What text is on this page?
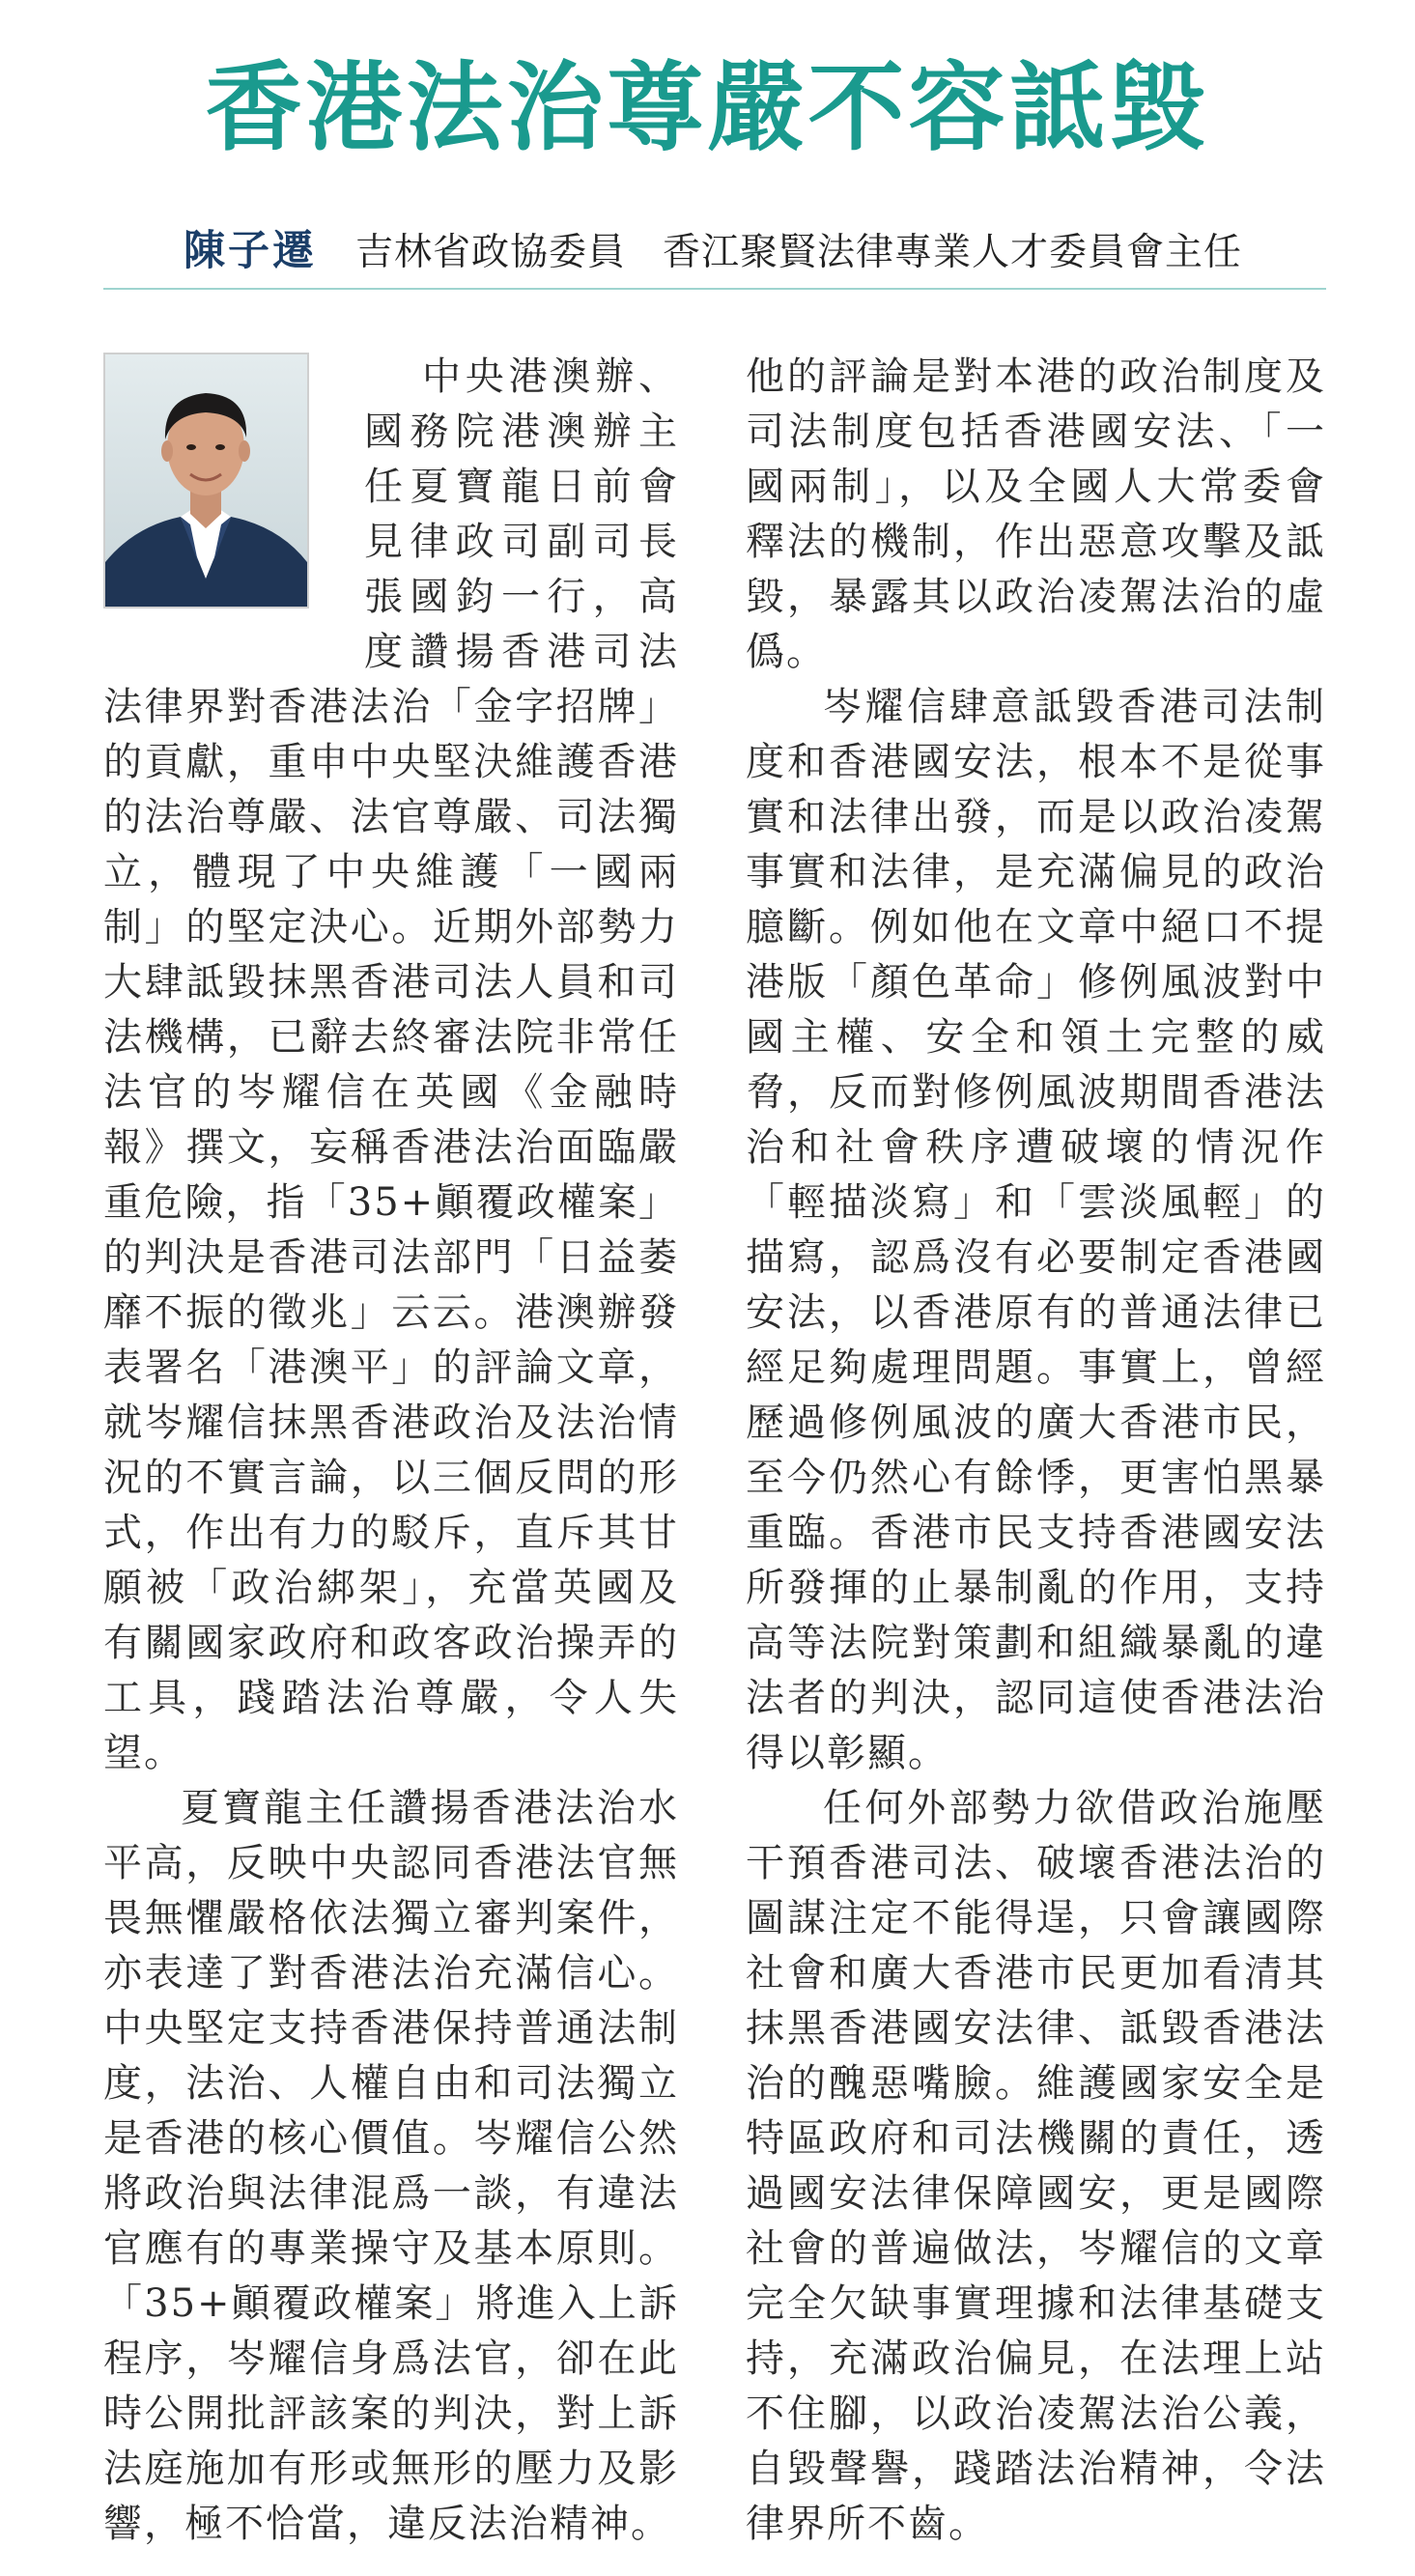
香港法治尊嚴不容詆毀
陳子遷 吉林省政協委員 香江聚賢法律專業人才委員會主任

中央港澳辦、國務院港澳辦主任夏寶龍日前會見律政司副司長張國鈞一行，高度讚揚香港司法法律界對香港法治「金字招牌」的貢獻，重申中央堅決維護香港的法治尊嚴、法官尊嚴、司法獨立，體現了中央維護「一國兩制」的堅定決心。近期外部勢力大肆詆毀抹黑香港司法人員和司法機構，已辭去終審法院非常任法官的岑耀信在英國《金融時報》撰文，妄稱香港法治面臨嚴重危險，指「35+顚覆政權案」的判決是香港司法部門「日益萎靡不振的徵兆」云云。港澳辦發表署名「港澳平」的評論文章，就岑耀信抹黑香港政治及法治情況的不實言論，以三個反問的形式，作出有力的駁斥，直斥其甘願被「政治綁架」，充當英國及有關國家政府和政客政治操弄的工具，踐踏法治尊嚴，令人失望。

夏寶龍主任讚揚香港法治水平高，反映中央認同香港法官無畏無懼嚴格依法獨立審判案件，亦表達了對香港法治充滿信心。中央堅定支持香港保持普通法制度，法治、人權自由和司法獨立是香港的核心價值。岑耀信公然將政治與法律混爲一談，有違法官應有的專業操守及基本原則。「35+顚覆政權案」將進入上訴程序，岑耀信身爲法官，卻在此時公開批評該案的判決，對上訴法庭施加有形或無形的壓力及影響，極不恰當，違反法治精神。

他的評論是對本港的政治制度及司法制度包括香港國安法、「一國兩制」，以及全國人大常委會釋法的機制，作出惡意攻擊及詆毀，暴露其以政治凌駕法治的虛僞。

岑耀信肆意詆毀香港司法制度和香港國安法，根本不是從事實和法律出發，而是以政治凌駕事實和法律，是充滿偏見的政治臆斷。例如他在文章中絕口不提港版「顏色革命」修例風波對中國主權、安全和領土完整的威脅，反而對修例風波期間香港法治和社會秩序遭破壞的情況作「輕描淡寫」和「雲淡風輕」的描寫，認爲沒有必要制定香港國安法，以香港原有的普通法律已經足夠處理問題。事實上，曾經歷過修例風波的廣大香港市民，至今仍然心有餘悸，更害怕黑暴重臨。香港市民支持香港國安法所發揮的止暴制亂的作用，支持高等法院對策劃和組織暴亂的違法者的判決，認同這使香港法治得以彰顯。

任何外部勢力欲借政治施壓干預香港司法、破壞香港法治的圖謀注定不能得逞，只會讓國際社會和廣大香港市民更加看清其抹黑香港國安法律、詆毀香港法治的醜惡嘴臉。維護國家安全是特區政府和司法機關的責任，透過國安法律保障國安，更是國際社會的普遍做法，岑耀信的文章完全欠缺事實理據和法律基礎支持，充滿政治偏見，在法理上站不住腳，以政治凌駕法治公義，自毀聲譽，踐踏法治精神，令法律界所不齒。
